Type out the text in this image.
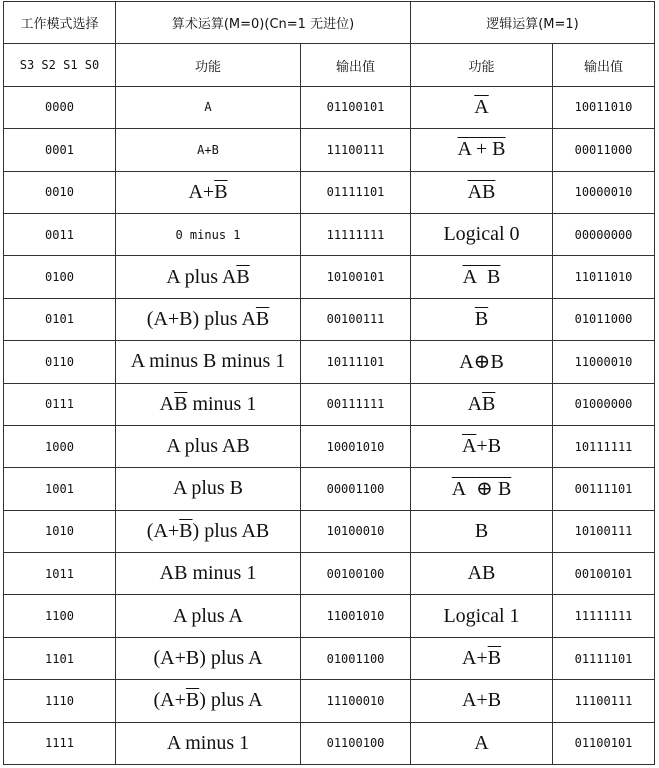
工作模式选择	算术运算(M=0)(Cn=1 无进位)		逻辑运算(M=1)	
S3 S2 S1 S0	功能	输出值	功能	输出值
0000	A	01100101	$\overline{A}$	10011010
0001	A+B	11100111	A + B	00011000
0010	$A+\overline{B}$	01111101	$\overline{AB}$	10000010
0011	0 minus 1	11111111	Logical 0	00000000
0100	A plus $A\overline{B}$	10100101	A B	11011010
0101	(A+B) plus $A\overline{B}$	00100111	$\overline{B}$	01011000
0110	A minus B minus 1	10111101	A⊕B	11000010
0111	$A\overline{B}$ minus 1	00111111	$A\overline{B}$	01000000
1000	A plus AB	10001010	$\overline{A}+B$	10111111
1001	A plus B	00001100	A ⊕ B	00111101
1010	$(A+\overline{B})$ plus AB	10100010	B	10100111
1011	AB minus 1	00100100	AB	00100101
1100	A plus A	11001010	Logical 1	11111111
1101	(A+B) plus A	01001100	$A+\overline{B}$	01111101
1110	$(A+\overline{B})$ plus A	11100010	A+B	11100111
1111	A minus 1	01100100	A	01100101
